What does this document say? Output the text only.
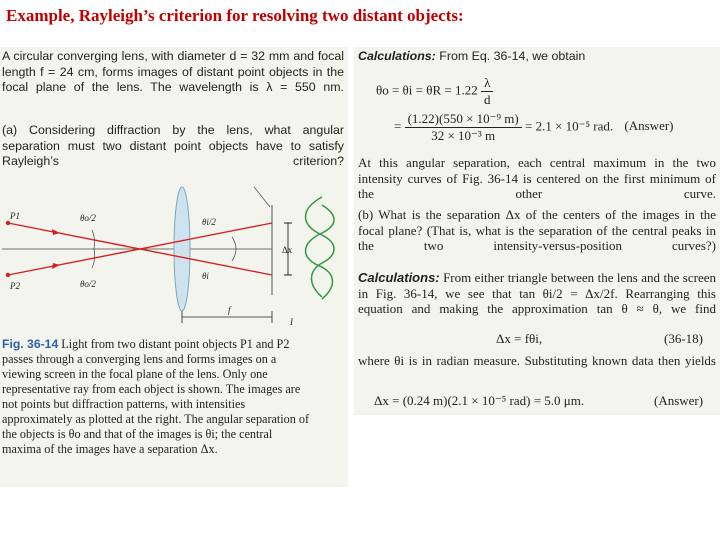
Example, Rayleigh’s criterion for resolving two distant objects:

A circular converging lens, with diameter d = 32 mm and focal length f = 24 cm, forms images of distant point objects in the focal plane of the lens. The wavelength is λ = 550 nm.

(a) Considering diffraction by the lens, what angular separation must two distant point objects have to satisfy Rayleigh’s criterion?

Δx
f
I
P1
P2
θo/2
θo/2
θi/2
θi
Fig. 36-14 Light from two distant point objects P1 and P2 passes through a converging lens and forms images on a viewing screen in the focal plane of the lens. Only one representative ray from each object is shown. The images are not points but diffraction patterns, with intensities approximately as plotted at the right. The angular separation of the objects is θo and that of the images is θi; the central maxima of the images have a separation Δx.
Calculations: From Eq. 36-14, we obtain
$\theta o = \theta i = \theta R = 1.22 \frac{\lambda}{d}$
= $\frac{\text{(1.22)(550 × 10⁻⁹ m)}}{\text{32 × 10⁻³ m}} = 2.1 \times 10^{-5}$ rad. (Answer)

At this angular separation, each central maximum in the two intensity curves of Fig. 36-14 is centered on the first minimum of the other curve.

(b) What is the separation Δx of the centers of the images in the focal plane? (That is, what is the separation of the central peaks in the two intensity-versus-position curves?)

Calculations: From either triangle between the lens and the screen in Fig. 36-14, we see that tan θi/2 = Δx/2f. Rearranging this equation and making the approximation tan θ ≈ θ, we find
Δx = fθi,	(36-18)

where θi is in radian measure. Substituting known data then yields

Δx = (0.24 m)(2.1 × 10⁻⁵ rad) = 5.0 μm.	(Answer)
